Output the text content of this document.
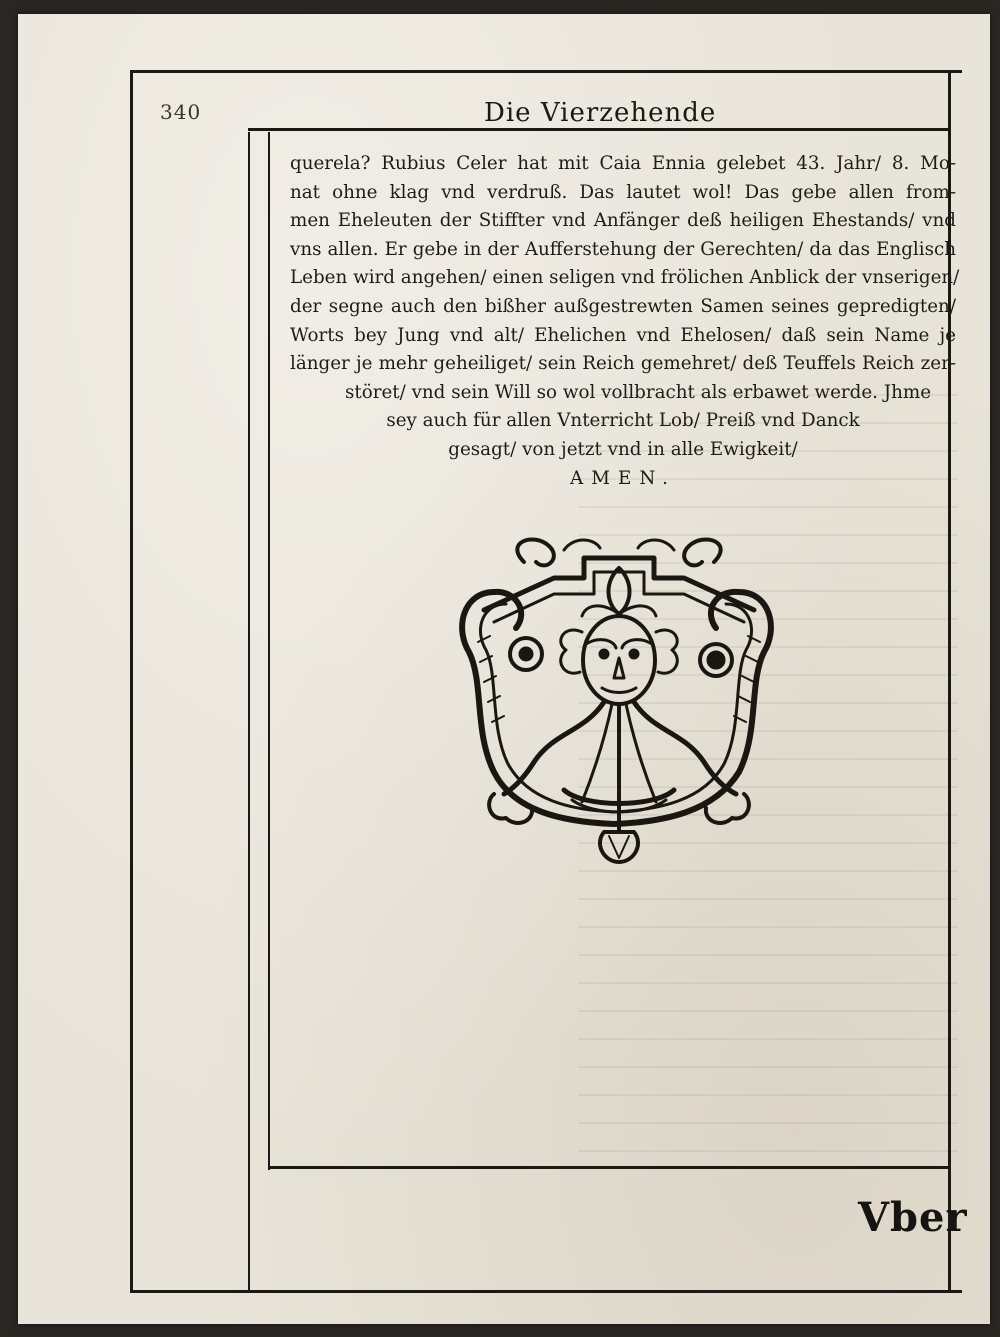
340	Die Vierzehende
querela? Rubius Celer hat mit Caia Ennia gelebet 43. Jahr/ 8. Mo-
nat ohne klag vnd verdruß. Das lautet wol! Das gebe allen from-
men Eheleuten der Stiffter vnd Anfänger deß heiligen Ehestands/ vnd
vns allen. Er gebe in der Aufferstehung der Gerechten/ da das Englisch
Leben wird angehen/ einen seligen vnd frölichen Anblick der vnserigen/
der segne auch den bißher außgestrewten Samen seines gepredigten/
Worts bey Jung vnd alt/ Ehelichen vnd Ehelosen/ daß sein Name je
länger je mehr geheiliget/ sein Reich gemehret/ deß Teuffels Reich zer-
störet/ vnd sein Will so wol vollbracht als erbawet werde. Jhme
sey auch für allen Vnterricht Lob/ Preiß vnd Danck
gesagt/ von jetzt vnd in alle Ewigkeit/
AMEN.
Vber
